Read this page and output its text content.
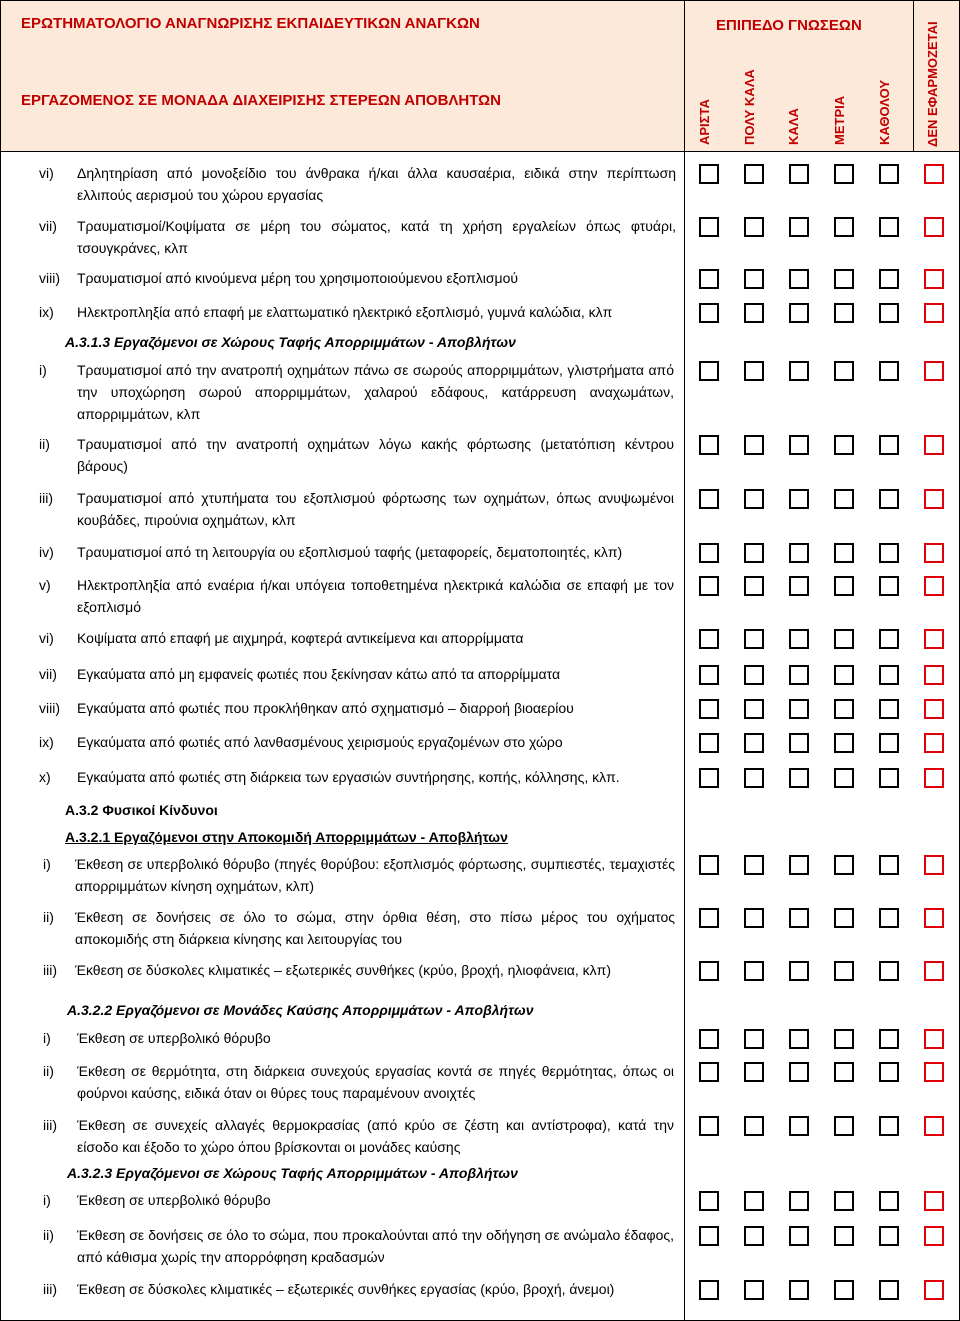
ΕΡΩΤΗΜΑΤΟΛΟΓΙΟ ΑΝΑΓΝΩΡΙΣΗΣ ΕΚΠΑΙΔΕΥΤΙΚΩΝ ΑΝΑΓΚΩΝ
ΕΡΓΑΖΟΜΕΝΟΣ ΣΕ ΜΟΝΑΔΑ ΔΙΑΧΕΙΡΙΣΗΣ ΣΤΕΡΕΩΝ ΑΠΟΒΛΗΤΩΝ
ΕΠΙΠΕΔΟ ΓΝΩΣΕΩΝ
ΑΡΙΣΤΑ ΠΟΛΥ ΚΑΛΑ ΚΑΛΑ ΜΕΤΡΙΑ ΚΑΘΟΛΟΥ	ΔΕΝ ΕΦΑΡΜΟΖΕΤΑΙ
vi) Δηλητηρίαση από μονοξείδιο του άνθρακα ή/και άλλα καυσαέρια, ειδικά στην περίπτωση ελλιπούς αερισμού του χώρου εργασίας
vii) Τραυματισμοί/Κοψίματα σε μέρη του σώματος, κατά τη χρήση εργαλείων όπως φτυάρι, τσουγκράνες, κλπ
viii) Τραυματισμοί από κινούμενα μέρη του χρησιμοποιούμενου εξοπλισμού
ix) Ηλεκτροπληξία από επαφή με ελαττωματικό ηλεκτρικό εξοπλισμό, γυμνά καλώδια, κλπ
Α.3.1.3 Εργαζόμενοι σε Χώρους Ταφής Απορριμμάτων - Αποβλήτων
i) Τραυματισμοί από την ανατροπή οχημάτων πάνω σε σωρούς απορριμμάτων, γλιστρήματα από την υποχώρηση σωρού απορριμμάτων, χαλαρού εδάφους, κατάρρευση αναχωμάτων, απορριμμάτων, κλπ
ii) Τραυματισμοί από την ανατροπή οχημάτων λόγω κακής φόρτωσης (μετατόπιση κέντρου βάρους)
iii) Τραυματισμοί από χτυπήματα του εξοπλισμού φόρτωσης των οχημάτων, όπως ανυψωμένοι κουβάδες, πιρούνια οχημάτων, κλπ
iv) Τραυματισμοί από τη λειτουργία ου εξοπλισμού ταφής (μεταφορείς, δεματοποιητές, κλπ)
v) Ηλεκτροπληξία από εναέρια ή/και υπόγεια τοποθετημένα ηλεκτρικά καλώδια σε επαφή με τον εξοπλισμό
vi) Κοψίματα από επαφή με αιχμηρά, κοφτερά αντικείμενα και απορρίμματα
vii) Εγκαύματα από μη εμφανείς φωτιές που ξεκίνησαν κάτω από τα απορρίμματα
viii) Εγκαύματα από φωτιές που προκλήθηκαν από σχηματισμό – διαρροή βιοαερίου
ix) Εγκαύματα από φωτιές από λανθασμένους χειρισμούς εργαζομένων στο χώρο
x) Εγκαύματα από φωτιές στη διάρκεια των εργασιών συντήρησης, κοπής, κόλλησης, κλπ.
Α.3.2 Φυσικοί Κίνδυνοι
Α.3.2.1 Εργαζόμενοι στην Αποκομιδή Απορριμμάτων - Αποβλήτων
i) Έκθεση σε υπερβολικό θόρυβο (πηγές θορύβου: εξοπλισμός φόρτωσης, συμπιεστές, τεμαχιστές απορριμμάτων κίνηση οχημάτων, κλπ)
ii) Έκθεση σε δονήσεις σε όλο το σώμα, στην όρθια θέση, στο πίσω μέρος του οχήματος αποκομιδής στη διάρκεια κίνησης και λειτουργίας του
iii) Έκθεση σε δύσκολες κλιματικές – εξωτερικές συνθήκες (κρύο, βροχή, ηλιοφάνεια, κλπ)
Α.3.2.2 Εργαζόμενοι σε Μονάδες Καύσης Απορριμμάτων - Αποβλήτων
i) Έκθεση σε υπερβολικό θόρυβο
ii) Έκθεση σε θερμότητα, στη διάρκεια συνεχούς εργασίας κοντά σε πηγές θερμότητας, όπως οι φούρνοι καύσης, ειδικά όταν οι θύρες τους παραμένουν ανοιχτές
iii) Έκθεση σε συνεχείς αλλαγές θερμοκρασίας (από κρύο σε ζέστη και αντίστροφα), κατά την είσοδο και έξοδο το χώρο όπου βρίσκονται οι μονάδες καύσης
Α.3.2.3 Εργαζόμενοι σε Χώρους Ταφής Απορριμμάτων - Αποβλήτων
i) Έκθεση σε υπερβολικό θόρυβο
ii) Έκθεση σε δονήσεις σε όλο το σώμα, που προκαλούνται από την οδήγηση σε ανώμαλο έδαφος, από κάθισμα χωρίς την απορρόφηση κραδασμών
iii) Έκθεση σε δύσκολες κλιματικές – εξωτερικές συνθήκες εργασίας (κρύο, βροχή, άνεμοι)
